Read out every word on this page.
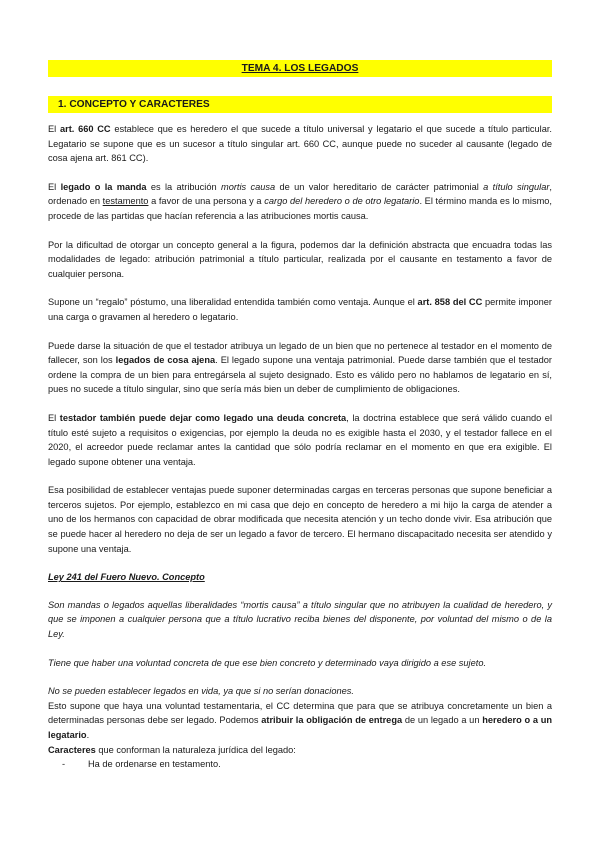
TEMA 4. LOS LEGADOS
1. CONCEPTO Y CARACTERES

El art. 660 CC establece que es heredero el que sucede a título universal y legatario el que sucede a título particular. Legatario se supone que es un sucesor a título singular art. 660 CC, aunque puede no suceder al causante (legado de cosa ajena art. 861 CC).

El legado o la manda es la atribución mortis causa de un valor hereditario de carácter patrimonial a título singular, ordenado en testamento a favor de una persona y a cargo del heredero o de otro legatario. El término manda es lo mismo, procede de las partidas que hacían referencia a las atribuciones mortis causa.

Por la dificultad de otorgar un concepto general a la figura, podemos dar la definición abstracta que encuadra todas las modalidades de legado: atribución patrimonial a título particular, realizada por el causante en testamento a favor de cualquier persona.

Supone un “regalo” póstumo, una liberalidad entendida también como ventaja. Aunque el art. 858 del CC permite imponer una carga o gravamen al heredero o legatario.

Puede darse la situación de que el testador atribuya un legado de un bien que no pertenece al testador en el momento de fallecer, son los legados de cosa ajena. El legado supone una ventaja patrimonial. Puede darse también que el testador ordene la compra de un bien para entregársela al sujeto designado. Esto es válido pero no hablamos de legatario en sí, pues no sucede a título singular, sino que sería más bien un deber de cumplimiento de obligaciones.

El testador también puede dejar como legado una deuda concreta, la doctrina establece que será válido cuando el título esté sujeto a requisitos o exigencias, por ejemplo la deuda no es exigible hasta el 2030, y el testador fallece en el 2020, el acreedor puede reclamar antes la cantidad que sólo podría reclamar en el momento en que era exigible. El legado supone obtener una ventaja.

Esa posibilidad de establecer ventajas puede suponer determinadas cargas en terceras personas que supone beneficiar a terceros sujetos. Por ejemplo, establezco en mi casa que dejo en concepto de heredero a mi hijo la carga de atender a uno de los hermanos con capacidad de obrar modificada que necesita atención y un techo donde vivir. Esa atribución que se puede hacer al heredero no deja de ser un legado a favor de tercero. El hermano discapacitado necesita ser atendido y supone una ventaja.

Ley 241 del Fuero Nuevo. Concepto

Son mandas o legados aquellas liberalidades “mortis causa” a título singular que no atribuyen la cualidad de heredero, y que se imponen a cualquier persona que a título lucrativo reciba bienes del disponente, por voluntad del mismo o de la Ley.

Tiene que haber una voluntad concreta de que ese bien concreto y determinado vaya dirigido a ese sujeto.

No se pueden establecer legados en vida, ya que si no serían donaciones.

Esto supone que haya una voluntad testamentaria, el CC determina que para que se atribuya concretamente un bien a determinadas personas debe ser legado. Podemos atribuir la obligación de entrega de un legado a un heredero o a un legatario.

Caracteres que conforman la naturaleza jurídica del legado:

-	Ha de ordenarse en testamento.
